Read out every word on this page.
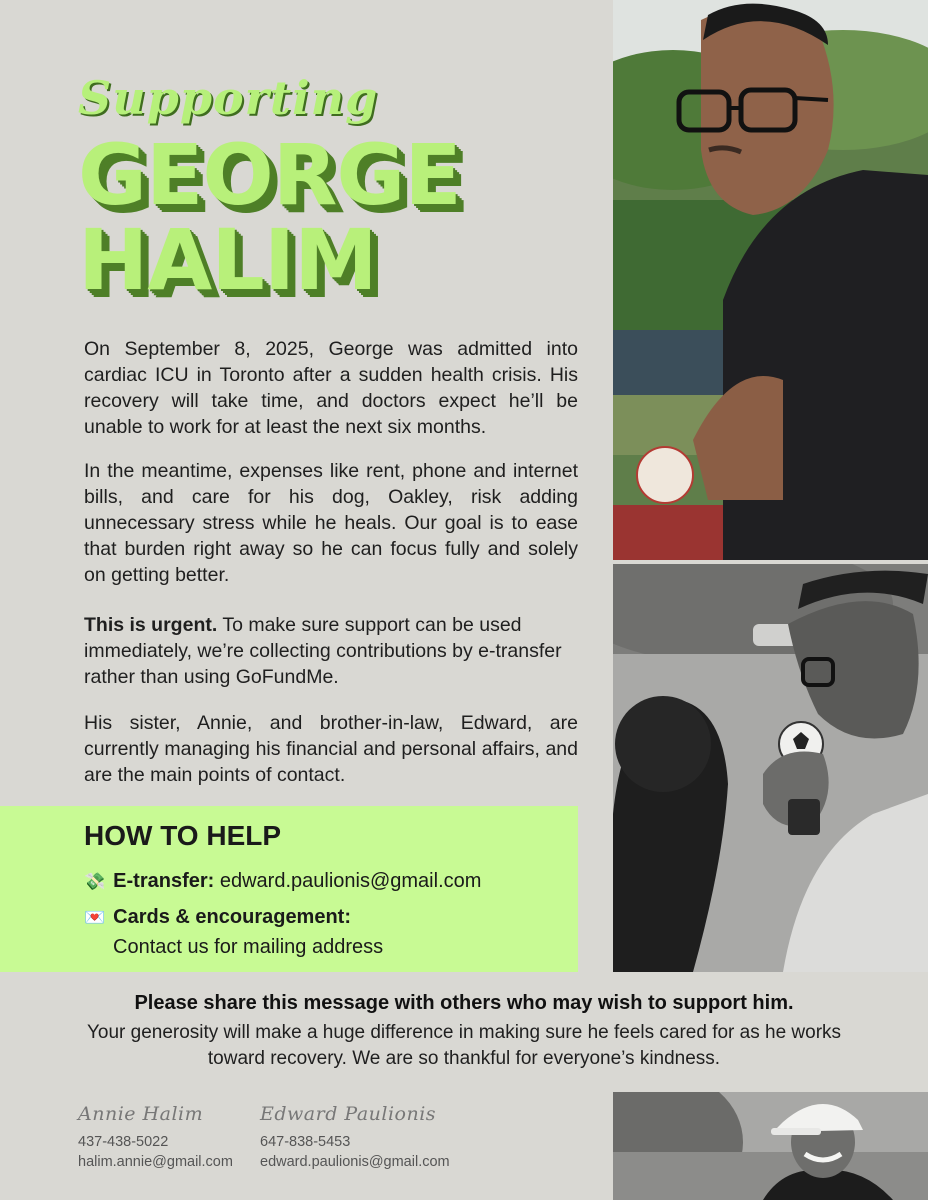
Supporting
GEORGE
HALIM

On September 8, 2025, George was admitted into cardiac ICU in Toronto after a sudden health crisis. His recovery will take time, and doctors expect he’ll be unable to work for at least the next six months.

In the meantime, expenses like rent, phone and internet bills, and care for his dog, Oakley, risk adding unnecessary stress while he heals. Our goal is to ease that burden right away so he can focus fully and solely on getting better.

This is urgent. To make sure support can be used immediately, we’re collecting contributions by e-transfer rather than using GoFundMe.

His sister, Annie, and brother-in-law, Edward, are currently managing his financial and personal affairs, and are the main points of contact.

HOW TO HELP
💸 E-transfer: edward.paulionis@gmail.com
💌 Cards & encouragement:
Contact us for mailing address
Please share this message with others who may wish to support him.

Your generosity will make a huge difference in making sure he feels cared for as he works toward recovery. We are so thankful for everyone’s kindness.

Annie Halim
437-438-5022
halim.annie@gmail.com
Edward Paulionis
647-838-5453
edward.paulionis@gmail.com
